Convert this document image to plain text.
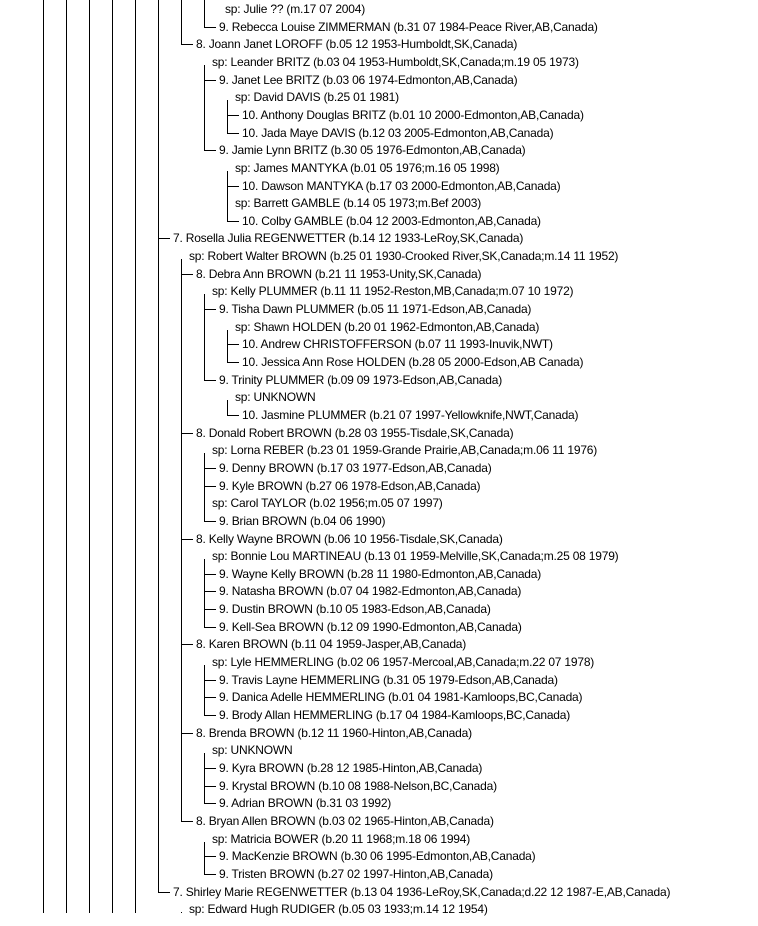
sp: Julie ?? (m.17 07 2004)
9. Rebecca Louise ZIMMERMAN (b.31 07 1984-Peace River,AB,Canada)
8. Joann Janet LOROFF (b.05 12 1953-Humboldt,SK,Canada)
sp: Leander BRITZ (b.03 04 1953-Humboldt,SK,Canada;m.19 05 1973)
9. Janet Lee BRITZ (b.03 06 1974-Edmonton,AB,Canada)
sp: David DAVIS (b.25 01 1981)
10. Anthony Douglas BRITZ (b.01 10 2000-Edmonton,AB,Canada)
10. Jada Maye DAVIS (b.12 03 2005-Edmonton,AB,Canada)
9. Jamie Lynn BRITZ (b.30 05 1976-Edmonton,AB,Canada)
sp: James MANTYKA (b.01 05 1976;m.16 05 1998)
10. Dawson MANTYKA (b.17 03 2000-Edmonton,AB,Canada)
sp: Barrett GAMBLE (b.14 05 1973;m.Bef 2003)
10. Colby GAMBLE (b.04 12 2003-Edmonton,AB,Canada)
7. Rosella Julia REGENWETTER (b.14 12 1933-LeRoy,SK,Canada)
sp: Robert Walter BROWN (b.25 01 1930-Crooked River,SK,Canada;m.14 11 1952)
8. Debra Ann BROWN (b.21 11 1953-Unity,SK,Canada)
sp: Kelly PLUMMER (b.11 11 1952-Reston,MB,Canada;m.07 10 1972)
9. Tisha Dawn PLUMMER (b.05 11 1971-Edson,AB,Canada)
sp: Shawn HOLDEN (b.20 01 1962-Edmonton,AB,Canada)
10. Andrew CHRISTOFFERSON (b.07 11 1993-Inuvik,NWT)
10. Jessica Ann Rose HOLDEN (b.28 05 2000-Edson,AB Canada)
9. Trinity PLUMMER (b.09 09 1973-Edson,AB,Canada)
sp: UNKNOWN
10. Jasmine PLUMMER (b.21 07 1997-Yellowknife,NWT,Canada)
8. Donald Robert BROWN (b.28 03 1955-Tisdale,SK,Canada)
sp: Lorna REBER (b.23 01 1959-Grande Prairie,AB,Canada;m.06 11 1976)
9. Denny BROWN (b.17 03 1977-Edson,AB,Canada)
9. Kyle BROWN (b.27 06 1978-Edson,AB,Canada)
sp: Carol TAYLOR (b.02 1956;m.05 07 1997)
9. Brian BROWN (b.04 06 1990)
8. Kelly Wayne BROWN (b.06 10 1956-Tisdale,SK,Canada)
sp: Bonnie Lou MARTINEAU (b.13 01 1959-Melville,SK,Canada;m.25 08 1979)
9. Wayne Kelly BROWN (b.28 11 1980-Edmonton,AB,Canada)
9. Natasha BROWN (b.07 04 1982-Edmonton,AB,Canada)
9. Dustin BROWN (b.10 05 1983-Edson,AB,Canada)
9. Kell-Sea BROWN (b.12 09 1990-Edmonton,AB,Canada)
8. Karen BROWN (b.11 04 1959-Jasper,AB,Canada)
sp: Lyle HEMMERLING (b.02 06 1957-Mercoal,AB,Canada;m.22 07 1978)
9. Travis Layne HEMMERLING (b.31 05 1979-Edson,AB,Canada)
9. Danica Adelle HEMMERLING (b.01 04 1981-Kamloops,BC,Canada)
9. Brody Allan HEMMERLING (b.17 04 1984-Kamloops,BC,Canada)
8. Brenda BROWN (b.12 11 1960-Hinton,AB,Canada)
sp: UNKNOWN
9. Kyra BROWN (b.28 12 1985-Hinton,AB,Canada)
9. Krystal BROWN (b.10 08 1988-Nelson,BC,Canada)
9. Adrian BROWN (b.31 03 1992)
8. Bryan Allen BROWN (b.03 02 1965-Hinton,AB,Canada)
sp: Matricia BOWER (b.20 11 1968;m.18 06 1994)
9. MacKenzie BROWN (b.30 06 1995-Edmonton,AB,Canada)
9. Tristen BROWN (b.27 02 1997-Hinton,AB,Canada)
7. Shirley Marie REGENWETTER (b.13 04 1936-LeRoy,SK,Canada;d.22 12 1987-E,AB,Canada)
sp: Edward Hugh RUDIGER (b.05 03 1933;m.14 12 1954)
